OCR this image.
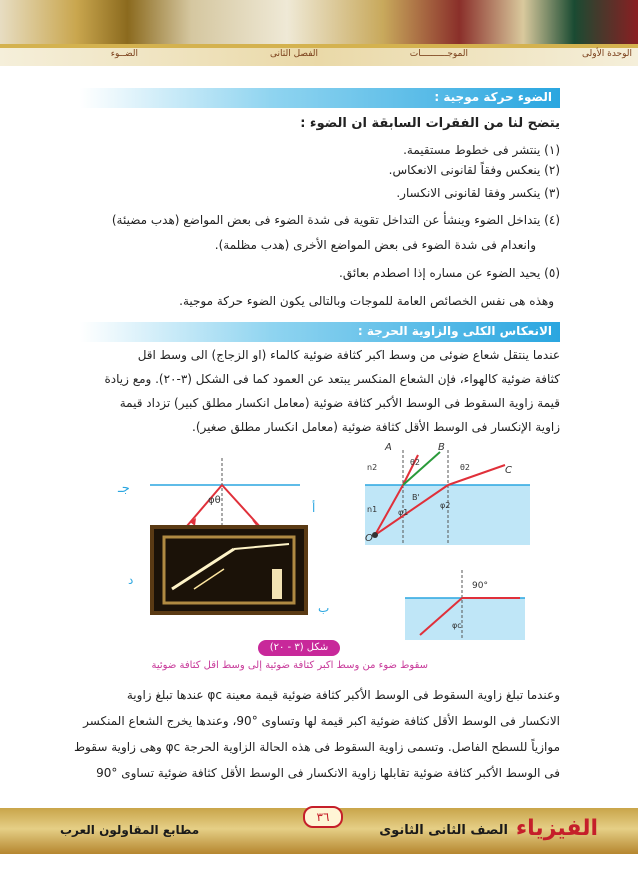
الوحدة الأولى
الموجــــــــــات
الفصل الثانى
الضــوء
الضوء حركة موجية :
يتضح لنا من الفقرات السابقة ان الضوء :
(١) ينتشر فى خطوط مستقيمة.
(٢) ينعكس وفقاً لقانونى الانعكاس.
(٣) ينكسر وفقا لقانونى الانكسار.
(٤) يتداخل الضوء وينشأ عن التداخل تقوية فى شدة الضوء فى بعض المواضع (هدب مضيئة)
وانعدام فى شدة الضوء فى بعض المواضع الأخرى (هدب مظلمة).
(٥) يحيد الضوء عن مساره إذا اصطدم بعائق.
وهذه هى نفس الخصائص العامة للموجات وبالتالى يكون الضوء حركة موجية.
الانعكاس الكلى والزاوية الحرجة :
عندما ينتقل شعاع ضوئى من وسط اكبر كثافة ضوئية كالماء (او الزجاج) الى وسط اقل
كثافة ضوئية كالهواء، فإن الشعاع المنكسر يبتعد عن العمود كما فى الشكل (٣-٢٠). ومع زيادة
قيمة زاوية السقوط فى الوسط الأكبر كثافة ضوئية (معامل انكسار مطلق كبير) تزداد قيمة
زاوية الإنكسار فى الوسط الأقل كثافة ضوئية (معامل انكسار مطلق صغير).
φθ
جـ
أ
A	B
C
O
n2
n1
θ2
θ2
φ1
φ2
B'
90°
φc
ب
د
شكل (٣ - ٢٠)
سقوط ضوء من وسط اكبر كثافة ضوئية إلى وسط اقل كثافة ضوئية
وعندما تبلغ زاوية السقوط فى الوسط الأكبر كثافة ضوئية قيمة معينة φc عندها تبلغ زاوية
الانكسار فى الوسط الأقل كثافة ضوئية اكبر قيمة لها وتساوى °90، وعندها يخرج الشعاع المنكسر
موازياً للسطح الفاصل. وتسمى زاوية السقوط فى هذه الحالة الزاوية الحرجة φc وهى زاوية سقوط
فى الوسط الأكبر كثافة ضوئية تقابلها زاوية الانكسار فى الوسط الأقل كثافة ضوئية تساوى °90
٣٦	الفيزياء
الصف الثانى الثانوى
مطابع المقاولون العرب
